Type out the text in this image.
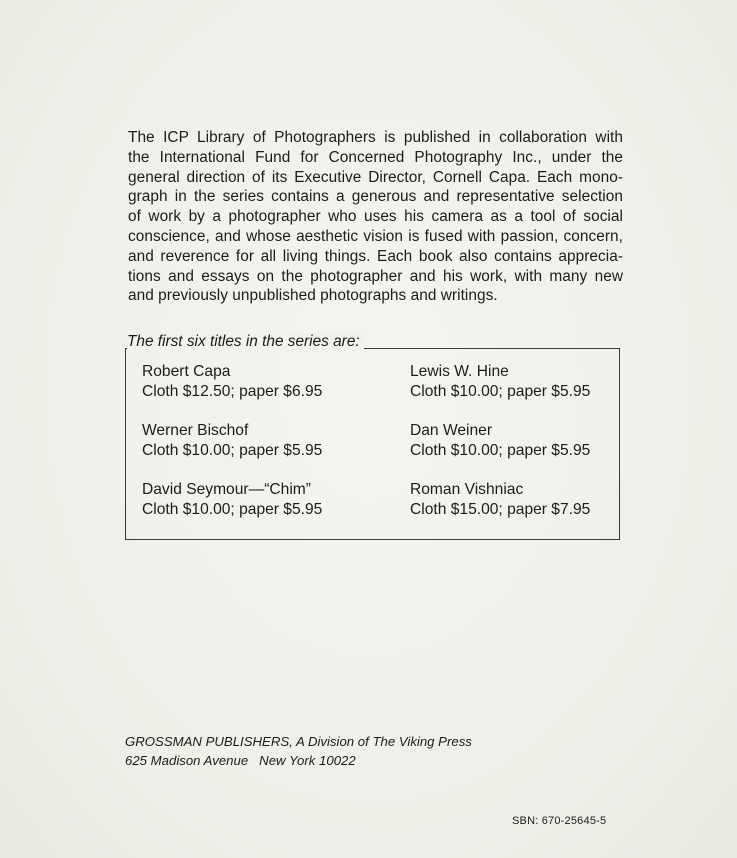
The ICP Library of Photographers is published in collaboration with
the International Fund for Concerned Photography Inc., under the
general direction of its Executive Director, Cornell Capa. Each mono-
graph in the series contains a generous and representative selection
of work by a photographer who uses his camera as a tool of social
conscience, and whose aesthetic vision is fused with passion, concern,
and reverence for all living things. Each book also contains apprecia-
tions and essays on the photographer and his work, with many new
and previously unpublished photographs and writings.

The first six titles in the series are:

Robert Capa
Cloth $12.50; paper $6.95
Werner Bischof
Cloth $10.00; paper $5.95
David Seymour—“Chim”
Cloth $10.00; paper $5.95
Lewis W. Hine
Cloth $10.00; paper $5.95
Dan Weiner
Cloth $10.00; paper $5.95
Roman Vishniac
Cloth $15.00; paper $7.95
GROSSMAN PUBLISHERS, A Division of The Viking Press
625 Madison Avenue   New York 10022

SBN: 670-25645-5
